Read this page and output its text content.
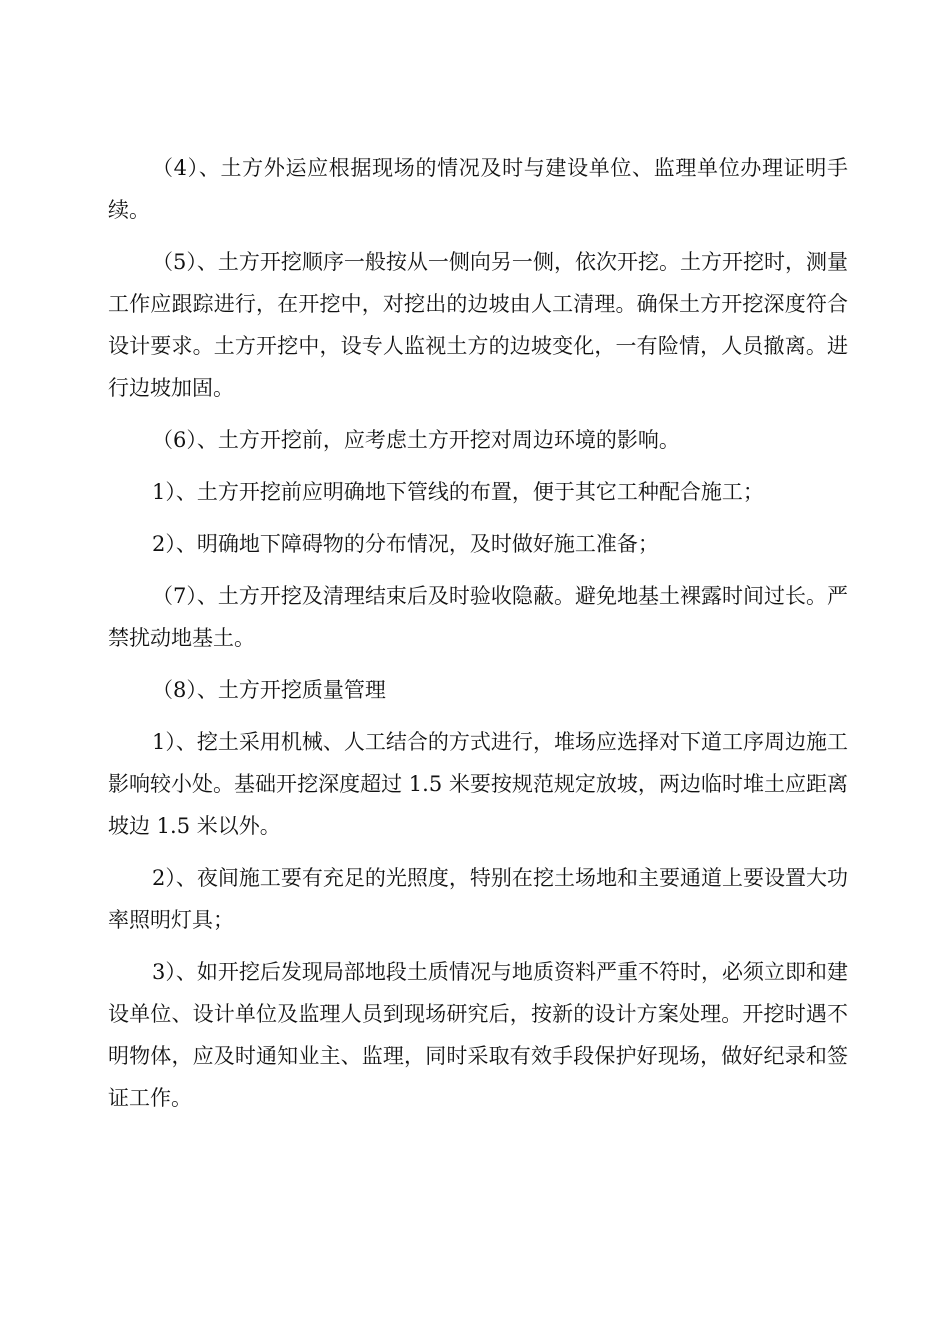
（4）、土方外运应根据现场的情况及时与建设单位、监理单位办理证明手续。

（5）、土方开挖顺序一般按从一侧向另一侧，依次开挖。土方开挖时，测量工作应跟踪进行，在开挖中，对挖出的边坡由人工清理。确保土方开挖深度符合设计要求。土方开挖中，设专人监视土方的边坡变化，一有险情，人员撤离。进行边坡加固。

（6）、土方开挖前，应考虑土方开挖对周边环境的影响。

1）、土方开挖前应明确地下管线的布置，便于其它工种配合施工；

2）、明确地下障碍物的分布情况，及时做好施工准备；

（7）、土方开挖及清理结束后及时验收隐蔽。避免地基土裸露时间过长。严禁扰动地基土。

（8）、土方开挖质量管理

1）、挖土采用机械、人工结合的方式进行，堆场应选择对下道工序周边施工影响较小处。基础开挖深度超过 1.5 米要按规范规定放坡，两边临时堆土应距离坡边 1.5 米以外。

2）、夜间施工要有充足的光照度，特别在挖土场地和主要通道上要设置大功率照明灯具；

3）、如开挖后发现局部地段土质情况与地质资料严重不符时，必须立即和建设单位、设计单位及监理人员到现场研究后，按新的设计方案处理。开挖时遇不明物体，应及时通知业主、监理，同时采取有效手段保护好现场，做好纪录和签证工作。
